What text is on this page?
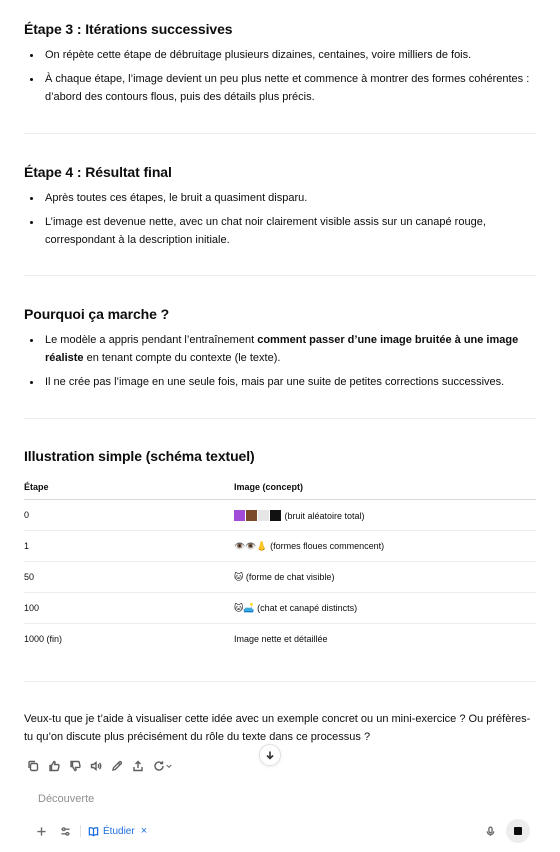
Étape 3 : Itérations successives
On répète cette étape de débruitage plusieurs dizaines, centaines, voire milliers de fois.
À chaque étape, l’image devient un peu plus nette et commence à montrer des formes cohérentes : d’abord des contours flous, puis des détails plus précis.
Étape 4 : Résultat final
Après toutes ces étapes, le bruit a quasiment disparu.
L’image est devenue nette, avec un chat noir clairement visible assis sur un canapé rouge, correspondant à la description initiale.
Pourquoi ça marche ?
Le modèle a appris pendant l’entraînement comment passer d’une image bruitée à une image réaliste en tenant compte du contexte (le texte).
Il ne crée pas l’image en une seule fois, mais par une suite de petites corrections successives.
Illustration simple (schéma textuel)
Étape	Image (concept)
0	(bruit aléatoire total)
1	👁️👁️👃 (formes floues commencent)
50	🐱 (forme de chat visible)
100	🐱🛋️ (chat et canapé distincts)
1000 (fin)	Image nette et détaillée
Veux-tu que je t’aide à visualiser cette idée avec un exemple concret ou un mini-exercice ? Ou préfères-tu qu’on discute plus précisément du rôle du texte dans ce processus ?
Découverte
Étudier ×
